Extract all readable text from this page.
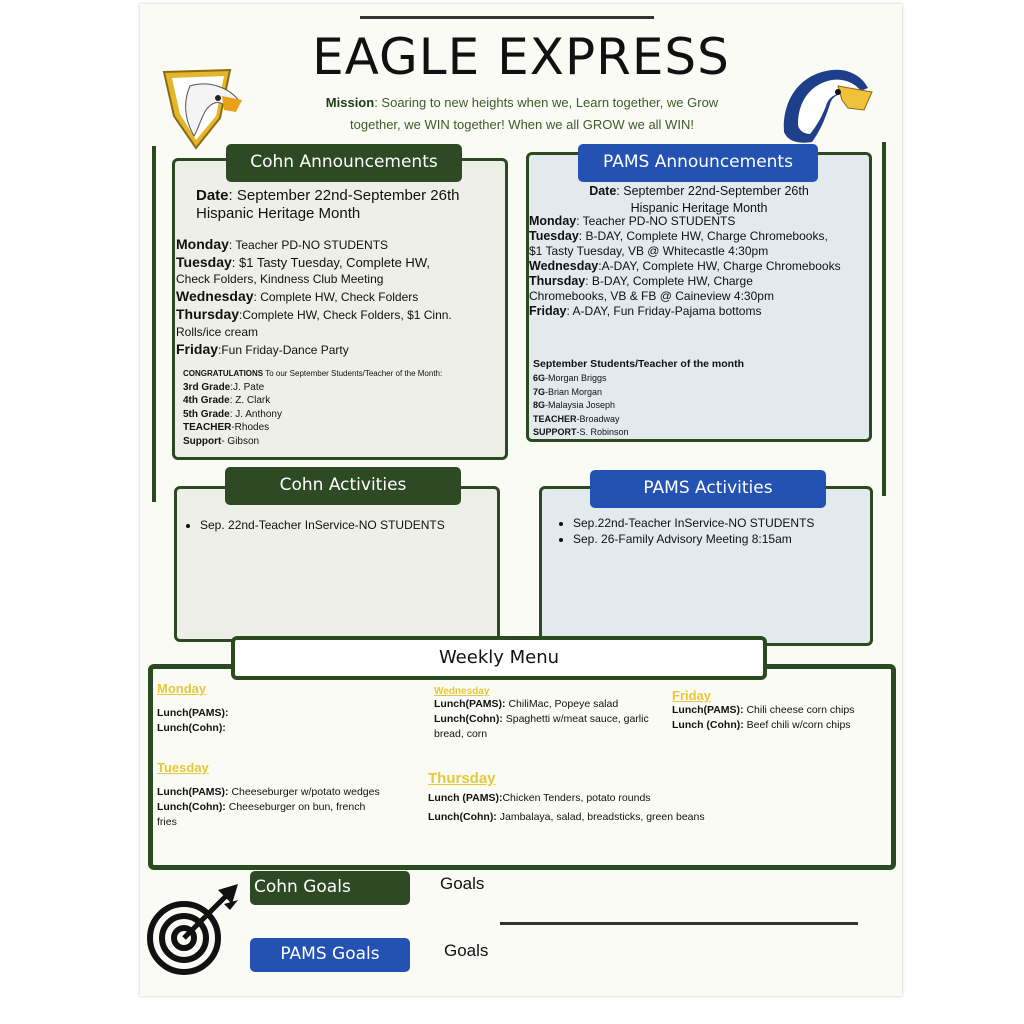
EAGLE EXPRESS
Mission: Soaring to new heights when we, Learn together, we Grow
together, we WIN together! When we all GROW we all WIN!
Cohn Announcements
Date: September 22nd-September 26th
Hispanic Heritage Month
Monday: Teacher PD-NO STUDENTS
Tuesday: $1 Tasty Tuesday, Complete HW,
Check Folders, Kindness Club Meeting
Wednesday: Complete HW, Check Folders
Thursday:Complete HW, Check Folders, $1 Cinn.
Rolls/ice cream
Friday:Fun Friday-Dance Party
CONGRATULATIONS To our September Students/Teacher of the Month:
3rd Grade:J. Pate
4th Grade: Z. Clark
5th Grade: J. Anthony
TEACHER-Rhodes
Support- Gibson
PAMS Announcements
Date: September 22nd-September 26th
Hispanic Heritage Month
Monday: Teacher PD-NO STUDENTS
Tuesday: B-DAY, Complete HW, Charge Chromebooks,
$1 Tasty Tuesday, VB @ Whitecastle 4:30pm
Wednesday:A-DAY, Complete HW, Charge Chromebooks
Thursday: B-DAY, Complete HW, Charge
Chromebooks, VB & FB @ Caineview 4:30pm
Friday: A-DAY, Fun Friday-Pajama bottoms
September Students/Teacher of the month
6G-Morgan Briggs
7G-Brian Morgan
8G-Malaysia Joseph
TEACHER-Broadway
SUPPORT-S. Robinson
Cohn Activities
• Sep. 22nd-Teacher InService-NO STUDENTS
PAMS Activities
• Sep.22nd-Teacher InService-NO STUDENTS
• Sep. 26-Family Advisory Meeting 8:15am
Weekly Menu
Monday
Lunch(PAMS):
Lunch(Cohn):
Tuesday
Lunch(PAMS): Cheeseburger w/potato wedges
Lunch(Cohn): Cheeseburger on bun, french
fries
Wednesday
Lunch(PAMS): ChiliMac, Popeye salad
Lunch(Cohn): Spaghetti w/meat sauce, garlic
bread, corn
Thursday
Lunch (PAMS):Chicken Tenders, potato rounds
Lunch(Cohn): Jambalaya, salad, breadsticks, green beans
Friday
Lunch(PAMS): Chili cheese corn chips
Lunch (Cohn): Beef chili w/corn chips
Cohn Goals	Goals
PAMS Goals	Goals
